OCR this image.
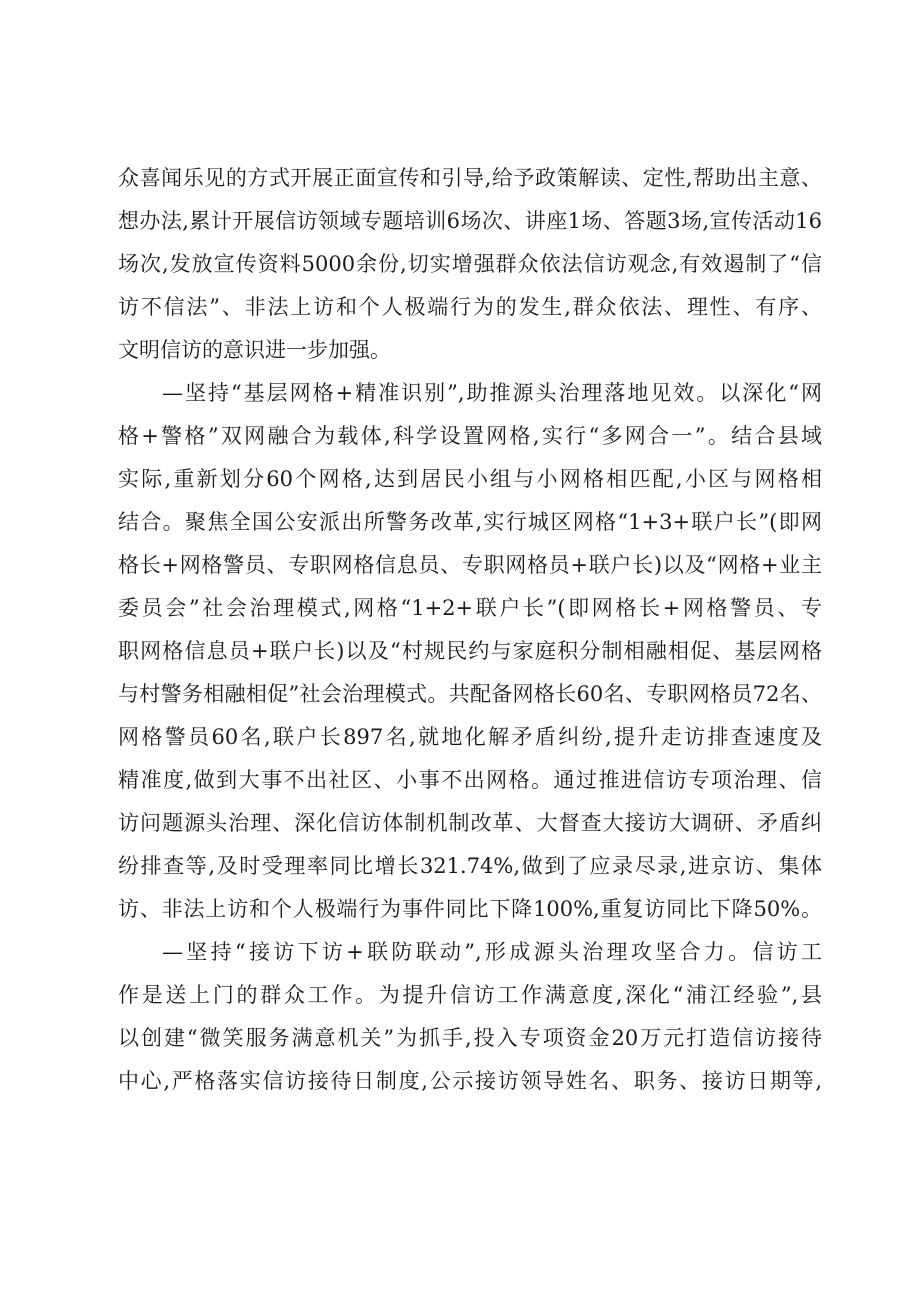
众喜闻乐见的方式开展正面宣传和引导,给予政策解读、定性,帮助出主意、
想办法,累计开展信访领域专题培训6场次、讲座1场、答题3场,宣传活动16
场次,发放宣传资料5000余份,切实增强群众依法信访观念,有效遏制了“信
访不信法”、非法上访和个人极端行为的发生,群众依法、理性、有序、
文明信访的意识进一步加强。
—坚持“基层网格+精准识别”,助推源头治理落地见效。以深化“网
格+警格”双网融合为载体,科学设置网格,实行“多网合一”。结合县域
实际,重新划分60个网格,达到居民小组与小网格相匹配,小区与网格相
结合。聚焦全国公安派出所警务改革,实行城区网格“1+3+联户长”(即网
格长+网格警员、专职网格信息员、专职网格员+联户长)以及“网格+业主
委员会”社会治理模式,网格“1+2+联户长”(即网格长+网格警员、专
职网格信息员+联户长)以及“村规民约与家庭积分制相融相促、基层网格
与村警务相融相促”社会治理模式。共配备网格长60名、专职网格员72名、
网格警员60名,联户长897名,就地化解矛盾纠纷,提升走访排查速度及
精准度,做到大事不出社区、小事不出网格。通过推进信访专项治理、信
访问题源头治理、深化信访体制机制改革、大督查大接访大调研、矛盾纠
纷排查等,及时受理率同比增长321.74%,做到了应录尽录,进京访、集体
访、非法上访和个人极端行为事件同比下降100%,重复访同比下降50%。
—坚持“接访下访+联防联动”,形成源头治理攻坚合力。信访工
作是送上门的群众工作。为提升信访工作满意度,深化“浦江经验”,县
以创建“微笑服务满意机关”为抓手,投入专项资金20万元打造信访接待
中心,严格落实信访接待日制度,公示接访领导姓名、职务、接访日期等,
